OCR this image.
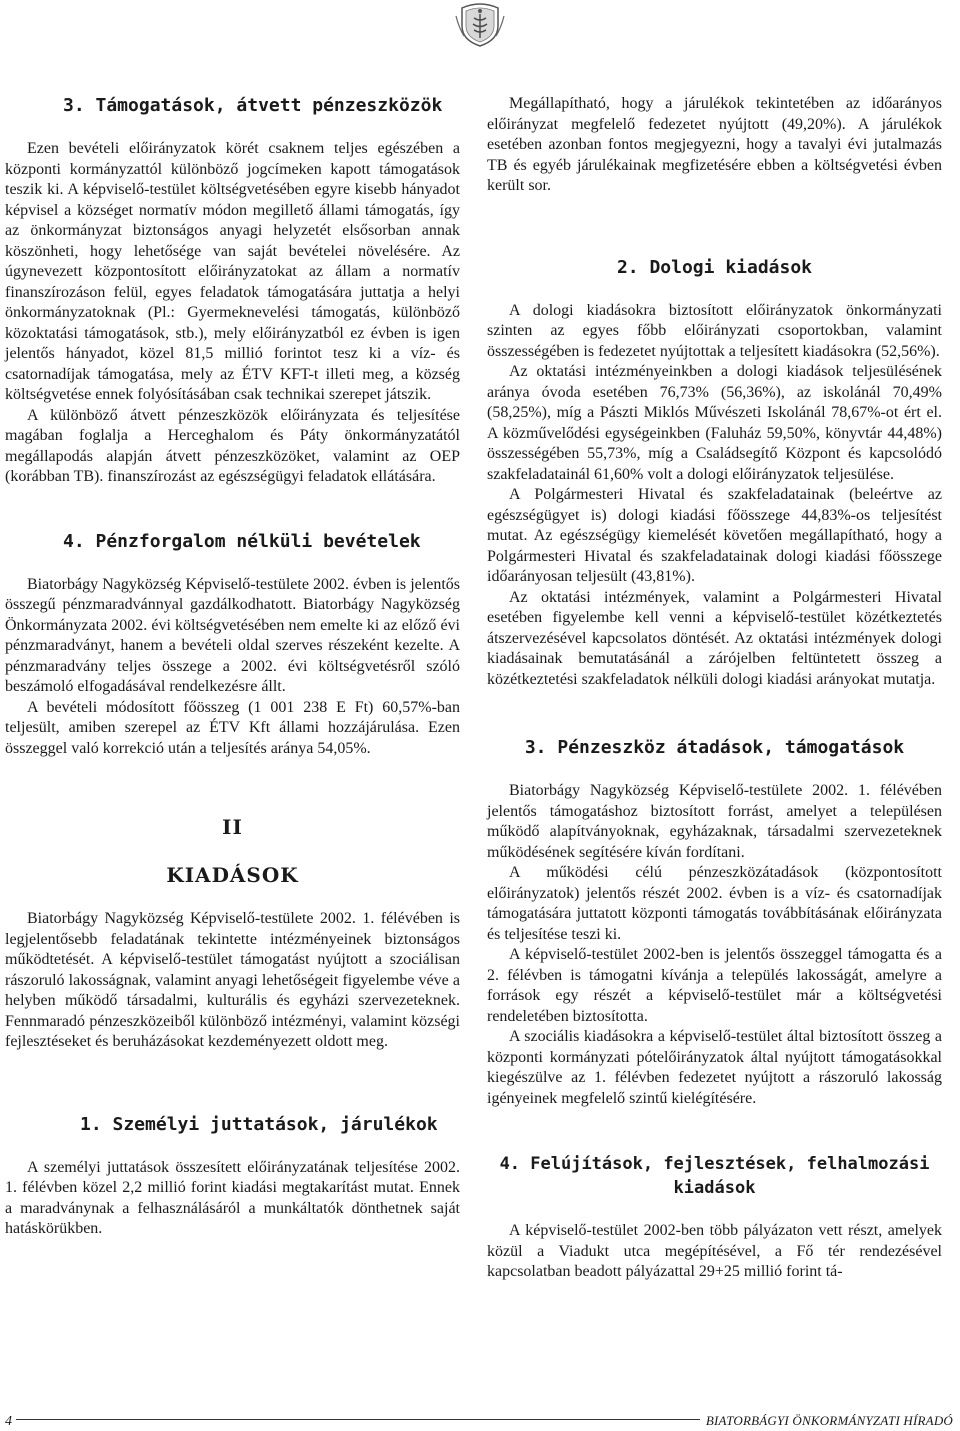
3. Támogatások, átvett pénzeszközök

Ezen bevételi előirányzatok körét csaknem teljes egészében a központi kormányzattól különböző jogcímeken kapott támogatások teszik ki. A képviselő-testület költségvetésében egyre kisebb hányadot képvisel a községet normatív módon megillető állami támogatás, így az önkormányzat biztonságos anyagi helyzetét elsősorban annak köszönheti, hogy lehetősége van saját bevételei növelésére. Az úgynevezett központosított előirányzatokat az állam a normatív finanszírozáson felül, egyes feladatok támogatására juttatja a helyi önkormányzatoknak (Pl.: Gyermeknevelési támogatás, különböző közoktatási támogatások, stb.), mely előirányzatból ez évben is igen jelentős hányadot, közel 81,5 millió forintot tesz ki a víz- és csatornadíjak támogatása, mely az ÉTV KFT-t illeti meg, a község költségvetése ennek folyósításában csak technikai szerepet játszik.

A különböző átvett pénzeszközök előirányzata és teljesítése magában foglalja a Herceghalom és Páty önkormányzatától megállapodás alapján átvett pénzeszközöket, valamint az OEP (korábban TB). finanszírozást az egészségügyi feladatok ellátására.

4. Pénzforgalom nélküli bevételek

Biatorbágy Nagyközség Képviselő-testülete 2002. évben is jelentős összegű pénzmaradvánnyal gazdálkodhatott. Biatorbágy Nagyközség Önkormányzata 2002. évi költségvetésében nem emelte ki az előző évi pénzmaradványt, hanem a bevételi oldal szerves részeként kezelte. A pénzmaradvány teljes összege a 2002. évi költségvetésről szóló beszámoló elfogadásával rendelkezésre állt.

A bevételi módosított főösszeg (1 001 238 E Ft) 60,57%-ban teljesült, amiben szerepel az ÉTV Kft állami hozzájárulása. Ezen összeggel való korrekció után a teljesítés aránya 54,05%.

II
KIADÁSOK

Biatorbágy Nagyközség Képviselő-testülete 2002. 1. félévében is legjelentősebb feladatának tekintette intézményeinek biztonságos működtetését. A képviselő-testület támogatást nyújtott a szociálisan rászoruló lakosságnak, valamint anyagi lehetőségeit figyelembe véve a helyben működő társadalmi, kulturális és egyházi szervezeteknek. Fennmaradó pénzeszközeiből különböző intézményi, valamint községi fejlesztéseket és beruházásokat kezdeményezett oldott meg.

1. Személyi juttatások, járulékok

A személyi juttatások összesített előirányzatának teljesítése 2002. 1. félévben közel 2,2 millió forint kiadási megtakarítást mutat. Ennek a maradványnak a felhasználásáról a munkáltatók dönthetnek saját hatáskörükben.

Megállapítható, hogy a járulékok tekintetében az időarányos előirányzat megfelelő fedezetet nyújtott (49,20%). A járulékok esetében azonban fontos megjegyezni, hogy a tavalyi évi jutalmazás TB és egyéb járulékainak megfizetésére ebben a költségvetési évben került sor.

2. Dologi kiadások

A dologi kiadásokra biztosított előirányzatok önkormányzati szinten az egyes főbb előirányzati csoportokban, valamint összességében is fedezetet nyújtottak a teljesített kiadásokra (52,56%).

Az oktatási intézményeinkben a dologi kiadások teljesülésének aránya óvoda esetében 76,73% (56,36%), az iskolánál 70,49% (58,25%), míg a Pászti Miklós Művészeti Iskolánál 78,67%-ot ért el. A közművelődési egységeinkben (Faluház 59,50%, könyvtár 44,48%) összességében 55,73%, míg a Családsegítő Központ és kapcsolódó szakfeladatainál 61,60% volt a dologi előirányzatok teljesülése.

A Polgármesteri Hivatal és szakfeladatainak (beleértve az egészségügyet is) dologi kiadási főösszege 44,83%-os teljesítést mutat. Az egészségügy kiemelését követően megállapítható, hogy a Polgármesteri Hivatal és szakfeladatainak dologi kiadási főösszege időarányosan teljesült (43,81%).

Az oktatási intézmények, valamint a Polgármesteri Hivatal esetében figyelembe kell venni a képviselő-testület közétkeztetés átszervezésével kapcsolatos döntését. Az oktatási intézmények dologi kiadásainak bemutatásánál a zárójelben feltüntetett összeg a közétkeztetési szakfeladatok nélküli dologi kiadási arányokat mutatja.

3. Pénzeszköz átadások, támogatások

Biatorbágy Nagyközség Képviselő-testülete 2002. 1. félévében jelentős támogatáshoz biztosított forrást, amelyet a településen működő alapítványoknak, egyházaknak, társadalmi szervezeteknek működésének segítésére kíván fordítani.

A működési célú pénzeszközátadások (központosított előirányzatok) jelentős részét 2002. évben is a víz- és csatornadíjak támogatására juttatott központi támogatás továbbításának előirányzata és teljesítése teszi ki.

A képviselő-testület 2002-ben is jelentős összeggel támogatta és a 2. félévben is támogatni kívánja a település lakosságát, amelyre a források egy részét a képviselő-testület már a költségvetési rendeletében biztosította.

A szociális kiadásokra a képviselő-testület által biztosított összeg a központi kormányzati pótelőirányzatok által nyújtott támogatásokkal kiegészülve az 1. félévben fedezetet nyújtott a rászoruló lakosság igényeinek megfelelő szintű kielégítésére.

4. Felújítások, fejlesztések, felhalmozási kiadások

A képviselő-testület 2002-ben több pályázaton vett részt, amelyek közül a Viadukt utca megépítésével, a Fő tér rendezésével kapcsolatban beadott pályázattal 29+25 millió forint tá-

4	BIATORBÁGYI ÖNKORMÁNYZATI HÍRADÓ
